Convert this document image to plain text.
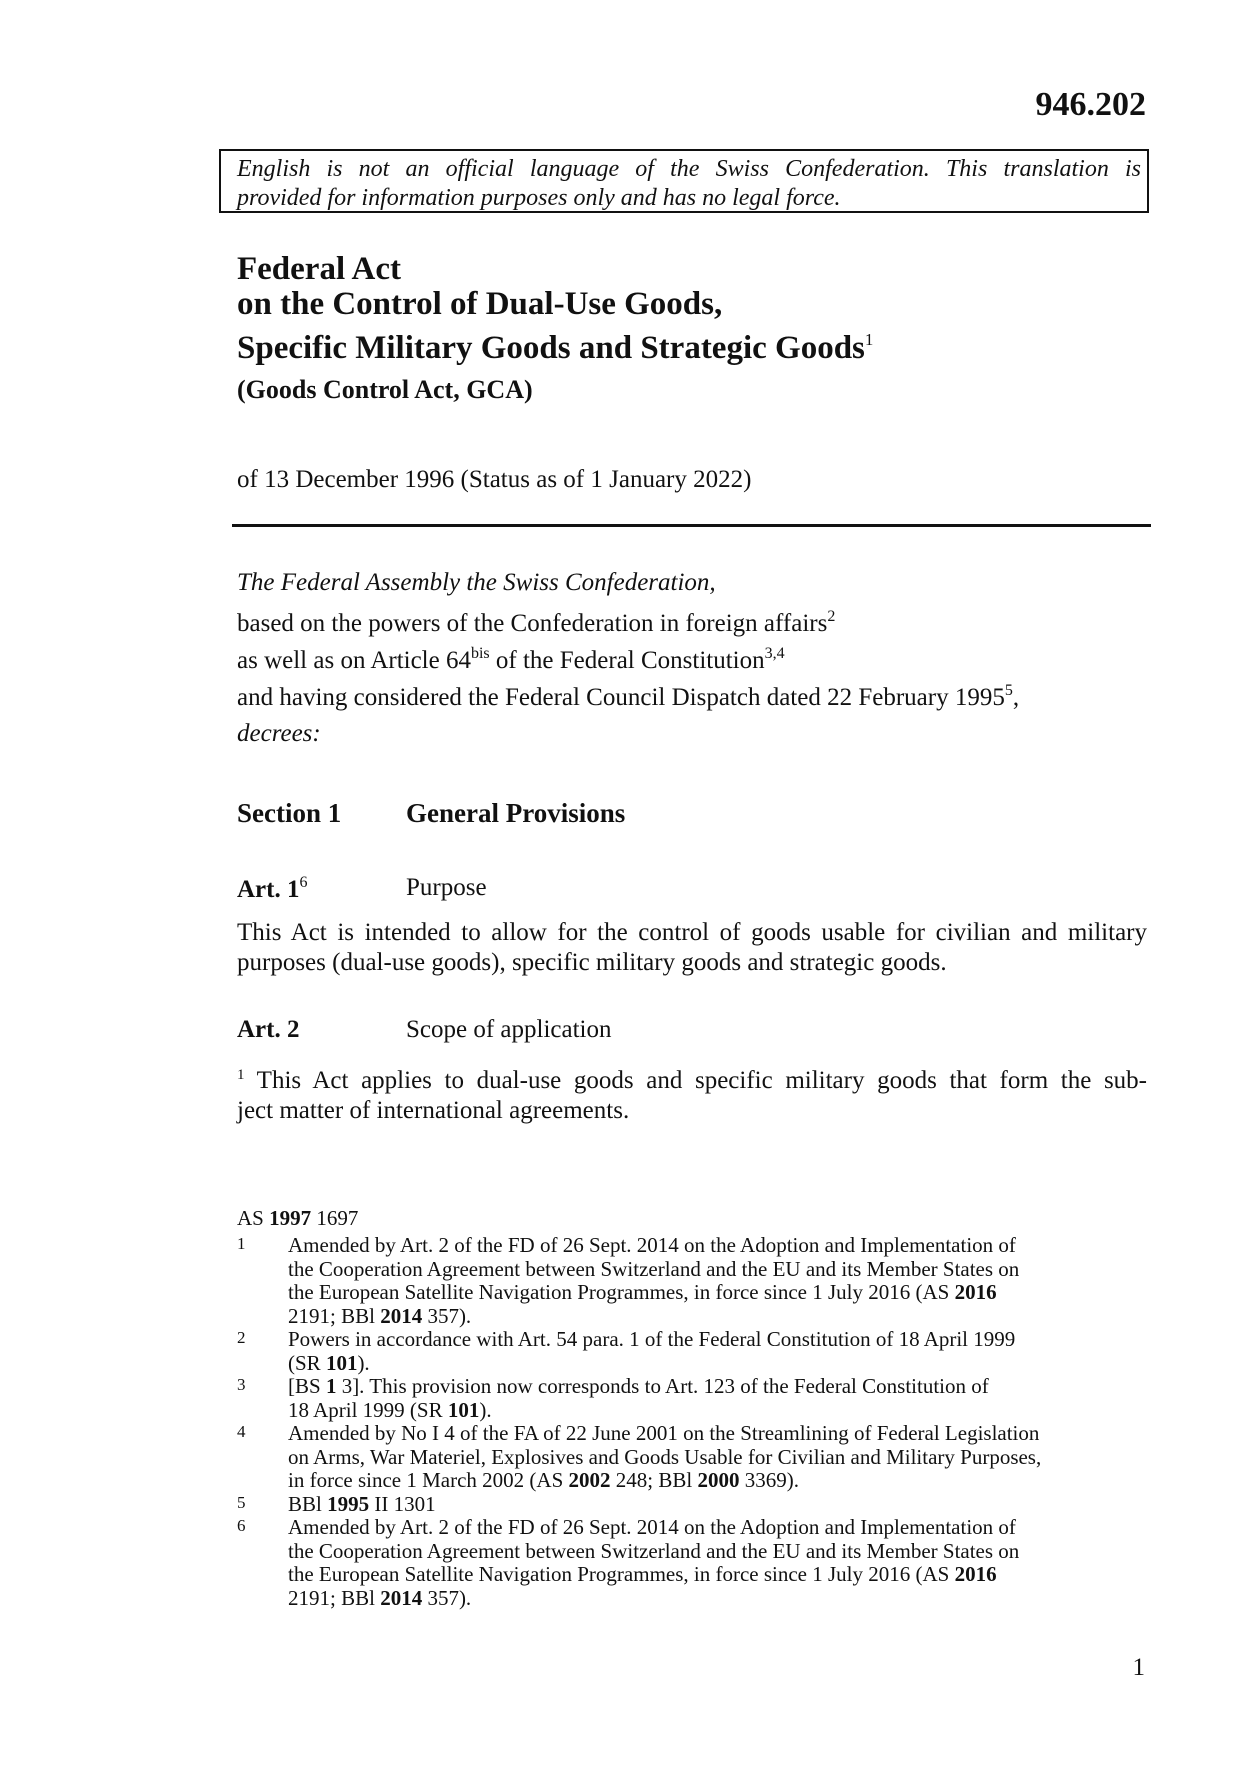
946.202
English is not an official language of the Swiss Confederation. This translation is
provided for information purposes only and has no legal force.
Federal Act
on the Control of Dual-Use Goods,
Specific Military Goods and Strategic Goods$^1$
(Goods Control Act, GCA)
of 13 December 1996 (Status as of 1 January 2022)
The Federal Assembly the Swiss Confederation,
based on the powers of the Confederation in foreign affairs$^2$
as well as on Article $64^{bis}$ of the Federal Constitution$^{3,4}$
and having considered the Federal Council Dispatch dated 22 February 1995$^5$,
decrees:
Section 1 General Provisions
Art. $1^6$	Purpose
This Act is intended to allow for the control of goods usable for civilian and military
purposes (dual-use goods), specific military goods and strategic goods.
Art. 2	Scope of application
$^1$ This Act applies to dual-use goods and specific military goods that form the sub-
ject matter of international agreements.
AS 1997 1697
1	Amended by Art. 2 of the FD of 26 Sept. 2014 on the Adoption and Implementation of
the Cooperation Agreement between Switzerland and the EU and its Member States on
the European Satellite Navigation Programmes, in force since 1 July 2016 (AS 2016
2191; BBl 2014 357).
2	Powers in accordance with Art. 54 para. 1 of the Federal Constitution of 18 April 1999
(SR 101).
3	[BS 1 3]. This provision now corresponds to Art. 123 of the Federal Constitution of
18 April 1999 (SR 101).
4	Amended by No I 4 of the FA of 22 June 2001 on the Streamlining of Federal Legislation
on Arms, War Materiel, Explosives and Goods Usable for Civilian and Military Purposes,
in force since 1 March 2002 (AS 2002 248; BBl 2000 3369).
5	BBl 1995 II 1301
6	Amended by Art. 2 of the FD of 26 Sept. 2014 on the Adoption and Implementation of
the Cooperation Agreement between Switzerland and the EU and its Member States on
the European Satellite Navigation Programmes, in force since 1 July 2016 (AS 2016
2191; BBl 2014 357).
1
